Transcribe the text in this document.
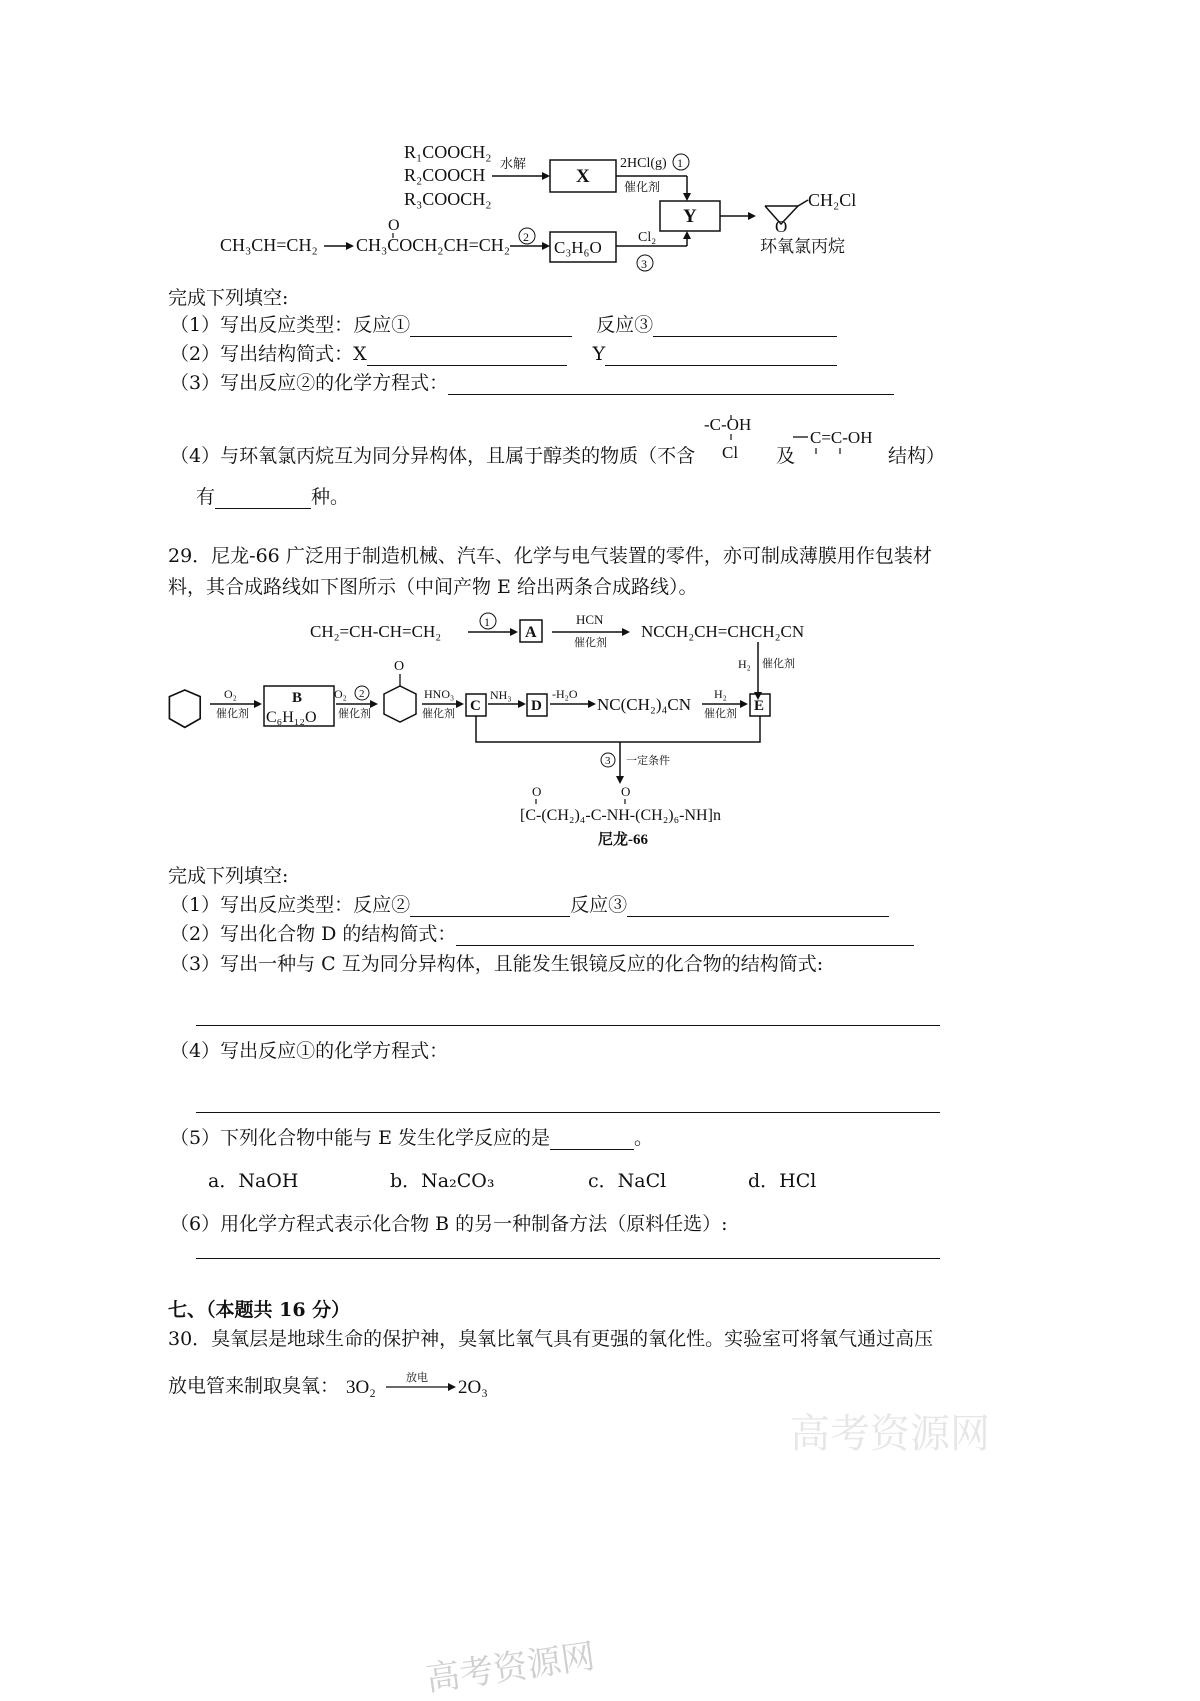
R₁COOCH₂
R₂COOCH
R₃COOCH₂
水解
X
2HCl(g) 1
催化剂
Y
CH₂Cl
O
环氧氯丙烷
CH₃CH=CH₂
O
CH₃COCH₂CH=CH₂ 2
C₃H₆O
Cl₂
3
完成下列填空:
（1）写出反应类型：反应①	反应③
（2）写出结构简式：X	Y
（3）写出反应②的化学方程式：
-C-OH
Cl
C=C-OH
（4）与环氧氯丙烷互为同分异构体，且属于醇类的物质（不含	及	结构）
有	种。
29．尼龙-66 广泛用于制造机械、汽车、化学与电气装置的零件，亦可制成薄膜用作包装材
料，其合成路线如下图所示（中间产物 E 给出两条合成路线）。
CH₂=CH-CH=CH₂	1
A
HCN
催化剂
NCCH₂CH=CHCH₂CN
H₂ 催化剂
O₂
催化剂
B
C₆H₁₂O
O₂ 2
催化剂
O
HNO₃
催化剂 C
NH₃
D
-H₂O
NC(CH₂)₄CN
H₂
催化剂 E
3 一定条件
O	O
[C-(CH₂)₄-C-NH-(CH₂)₆-NH]n
尼龙-66
完成下列填空:
（1）写出反应类型：反应②	反应③
（2）写出化合物 D 的结构简式：
（3）写出一种与 C 互为同分异构体，且能发生银镜反应的化合物的结构简式:
（4）写出反应①的化学方程式：
（5）下列化合物中能与 E 发生化学反应的是	。
a．NaOH	b．Na₂CO₃	c．NaCl	d．HCl
（6）用化学方程式表示化合物 B 的另一种制备方法（原料任选）:
七、（本题共 16 分）
30．臭氧层是地球生命的保护神，臭氧比氧气具有更强的氧化性。实验室可将氧气通过高压
放电管来制取臭氧： 3O₂	放电 2O₃
高考资源网
高考资源网
